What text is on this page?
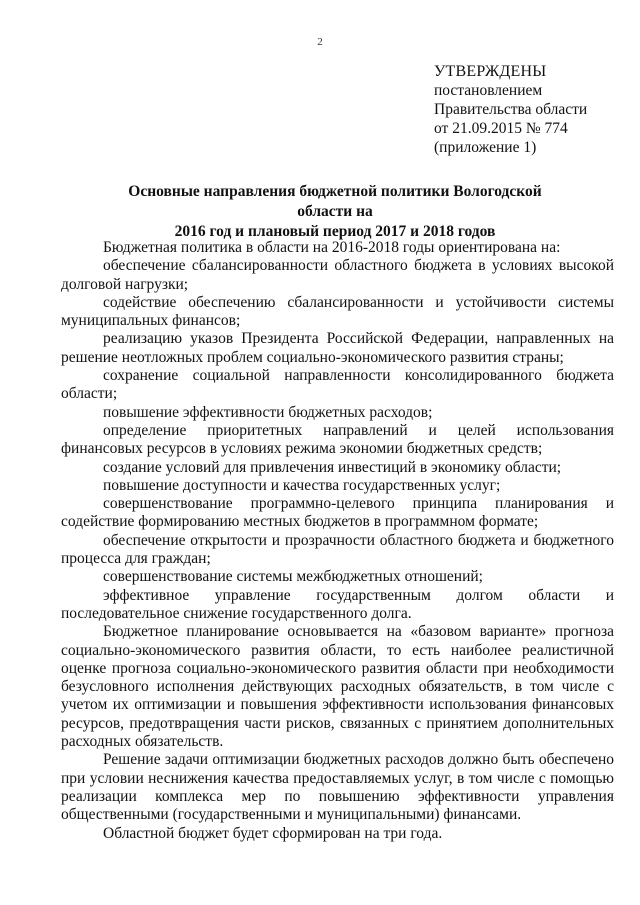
2
УТВЕРЖДЕНЫ
постановлением
Правительства области
от 21.09.2015 № 774
(приложение 1)
Основные направления бюджетной политики Вологодской области на
2016 год и плановый период 2017 и 2018 годов

Бюджетная политика в области на 2016-2018 годы ориентирована на:

обеспечение сбалансированности областного бюджета в условиях высокой долговой нагрузки;

содействие обеспечению сбалансированности и устойчивости системы муниципальных финансов;

реализацию указов Президента Российской Федерации, направленных на решение неотложных проблем социально-экономического развития страны;

сохранение социальной направленности консолидированного бюджета области;

повышение эффективности бюджетных расходов;

определение приоритетных направлений и целей использования финансовых ресурсов в условиях режима экономии бюджетных средств;

создание условий для привлечения инвестиций в экономику области;

повышение доступности и качества государственных услуг;

совершенствование программно-целевого принципа планирования и содействие формированию местных бюджетов в программном формате;

обеспечение открытости и прозрачности областного бюджета и бюджетного процесса для граждан;

совершенствование системы межбюджетных отношений;

эффективное управление государственным долгом области и последовательное снижение государственного долга.

Бюджетное планирование основывается на «базовом варианте» прогноза социально-экономического развития области, то есть наиболее реалистичной оценке прогноза социально-экономического развития области при необходимости безусловного исполнения действующих расходных обязательств, в том числе с учетом их оптимизации и повышения эффективности использования финансовых ресурсов, предотвращения части рисков, связанных с принятием дополнительных расходных обязательств.

Решение задачи оптимизации бюджетных расходов должно быть обеспечено при условии неснижения качества предоставляемых услуг, в том числе с помощью реализации комплекса мер по повышению эффективности управления общественными (государственными и муниципальными) финансами.

Областной бюджет будет сформирован на три года.
